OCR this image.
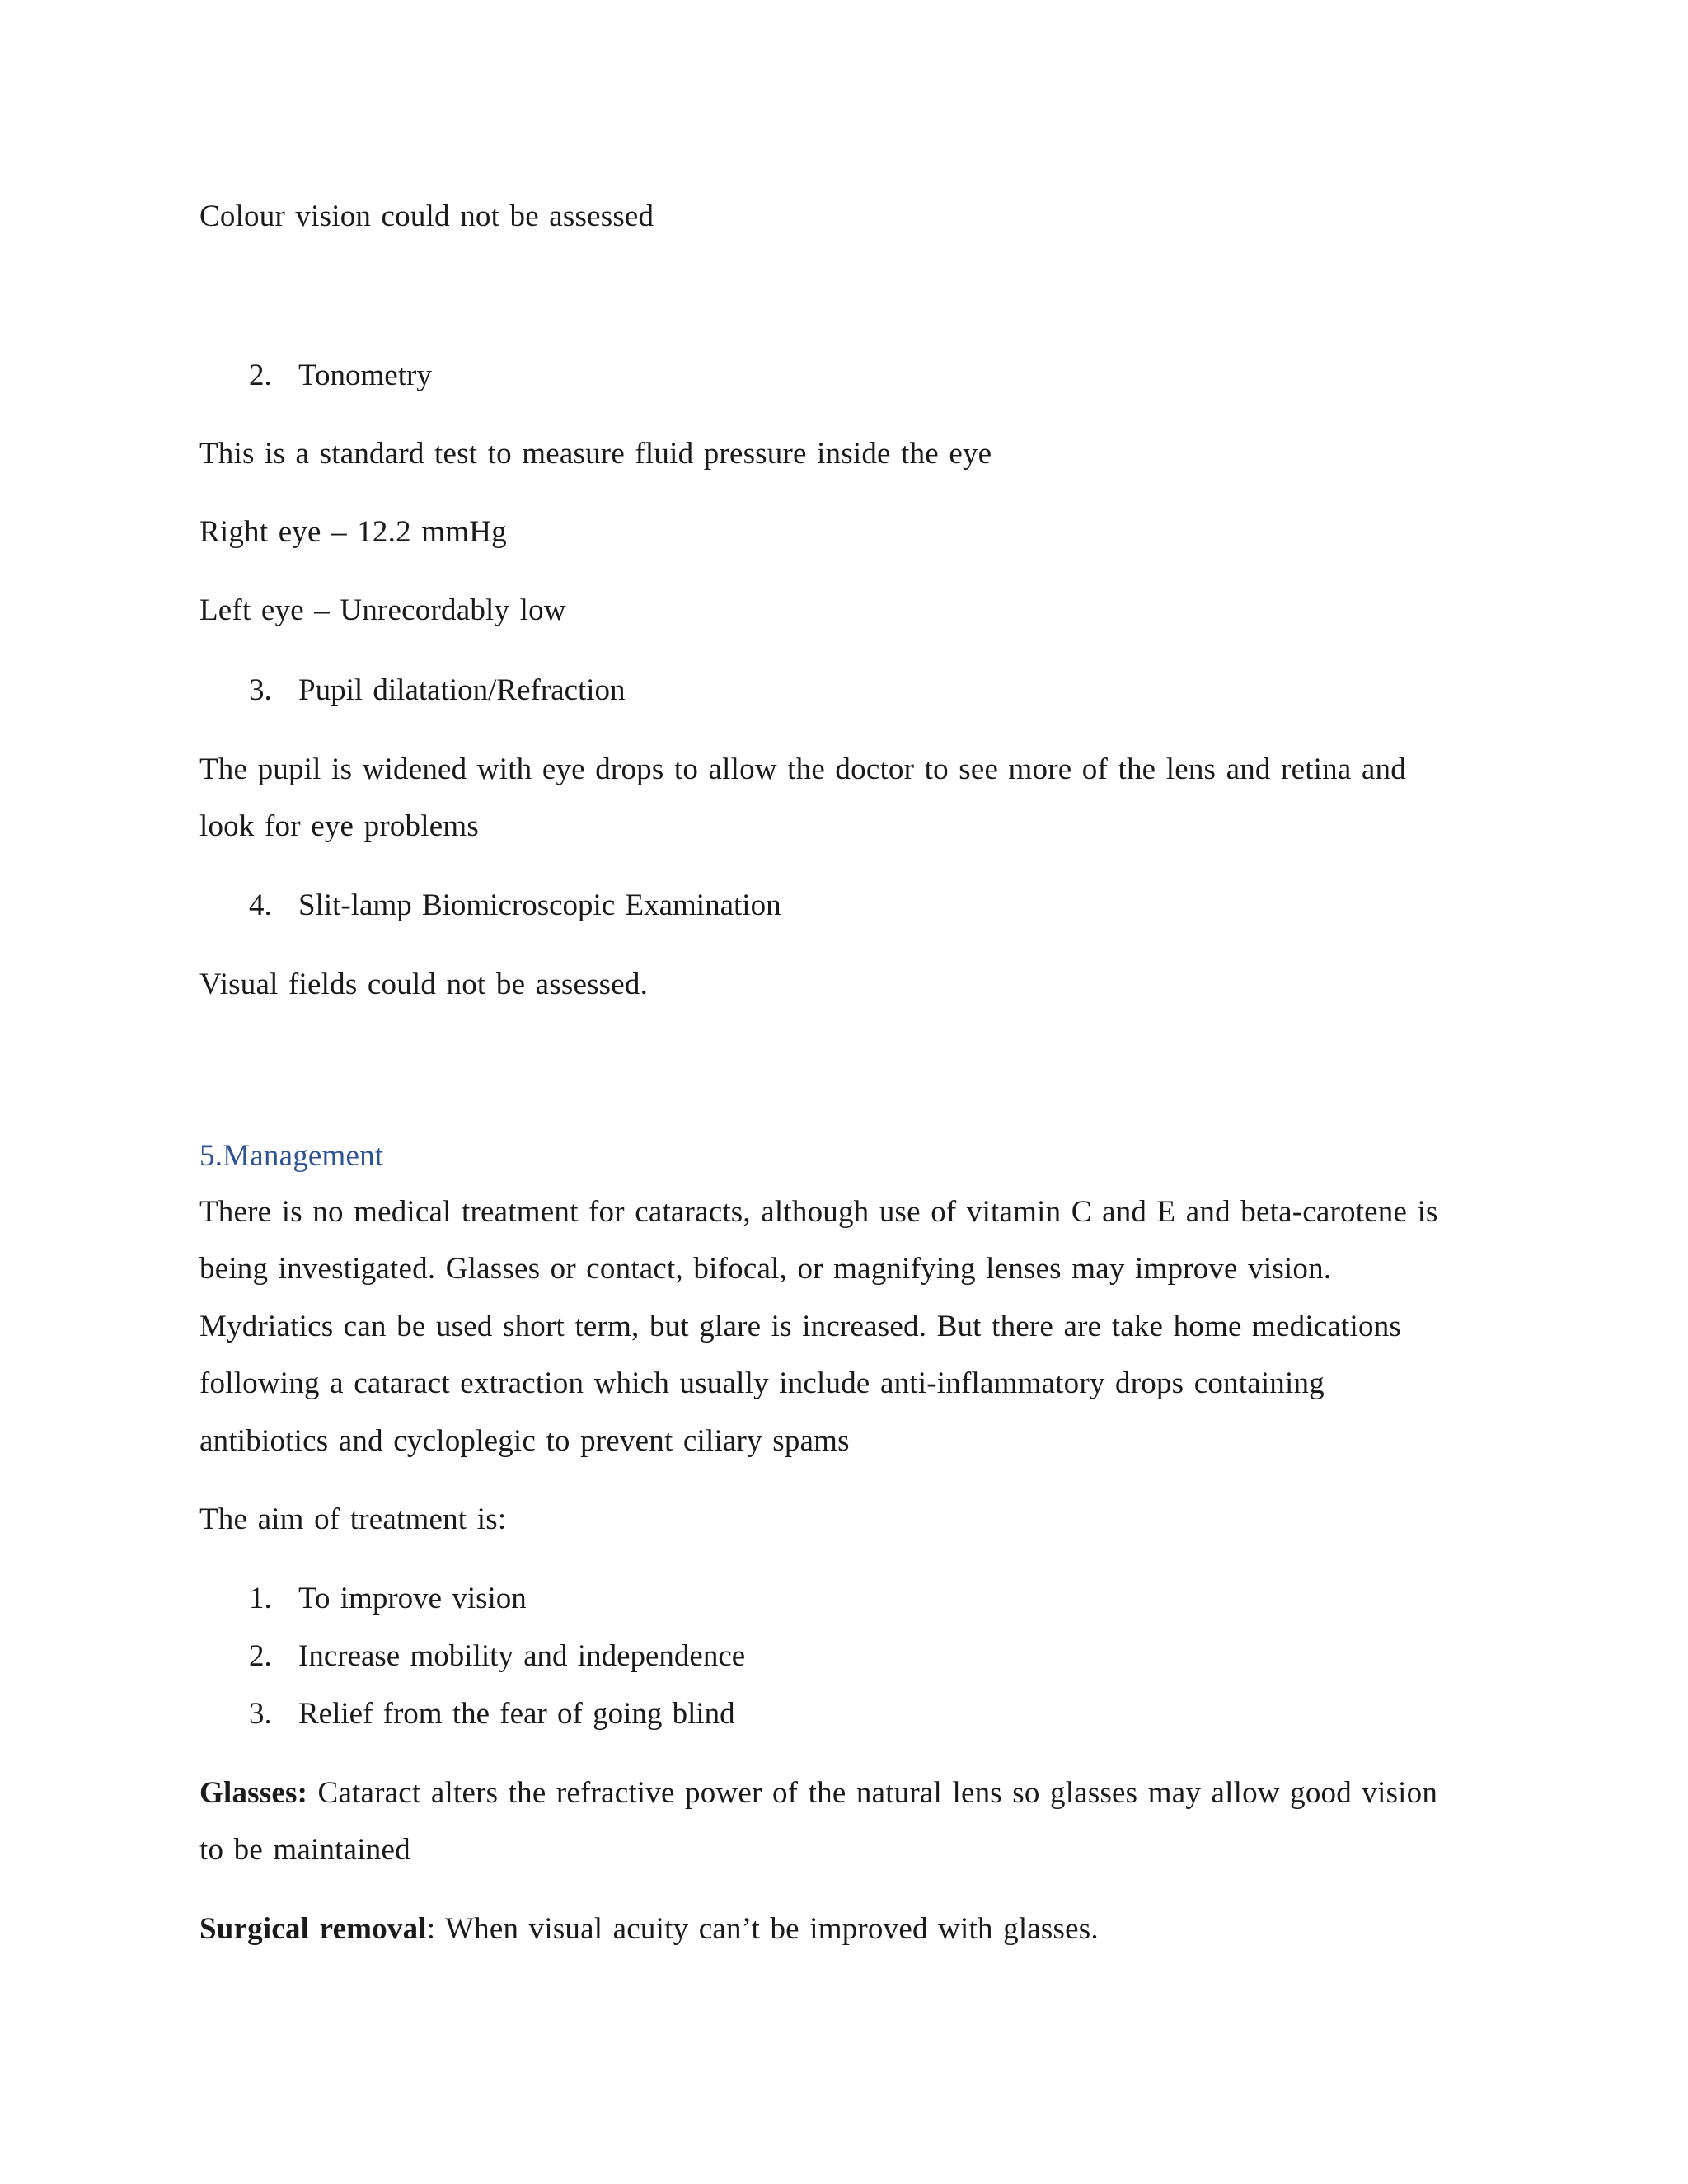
Colour vision could not be assessed
2. Tonometry
This is a standard test to measure fluid pressure inside the eye
Right eye – 12.2 mmHg
Left eye – Unrecordably low
3. Pupil dilatation/Refraction
The pupil is widened with eye drops to allow the doctor to see more of the lens and retina and
look for eye problems
4. Slit-lamp Biomicroscopic Examination
Visual fields could not be assessed.
5.Management
There is no medical treatment for cataracts, although use of vitamin C and E and beta-carotene is
being investigated. Glasses or contact, bifocal, or magnifying lenses may improve vision.
Mydriatics can be used short term, but glare is increased. But there are take home medications
following a cataract extraction which usually include anti-inflammatory drops containing
antibiotics and cycloplegic to prevent ciliary spams
The aim of treatment is:
1. To improve vision
2. Increase mobility and independence
3. Relief from the fear of going blind
Glasses: Cataract alters the refractive power of the natural lens so glasses may allow good vision
to be maintained
Surgical removal: When visual acuity can’t be improved with glasses.
